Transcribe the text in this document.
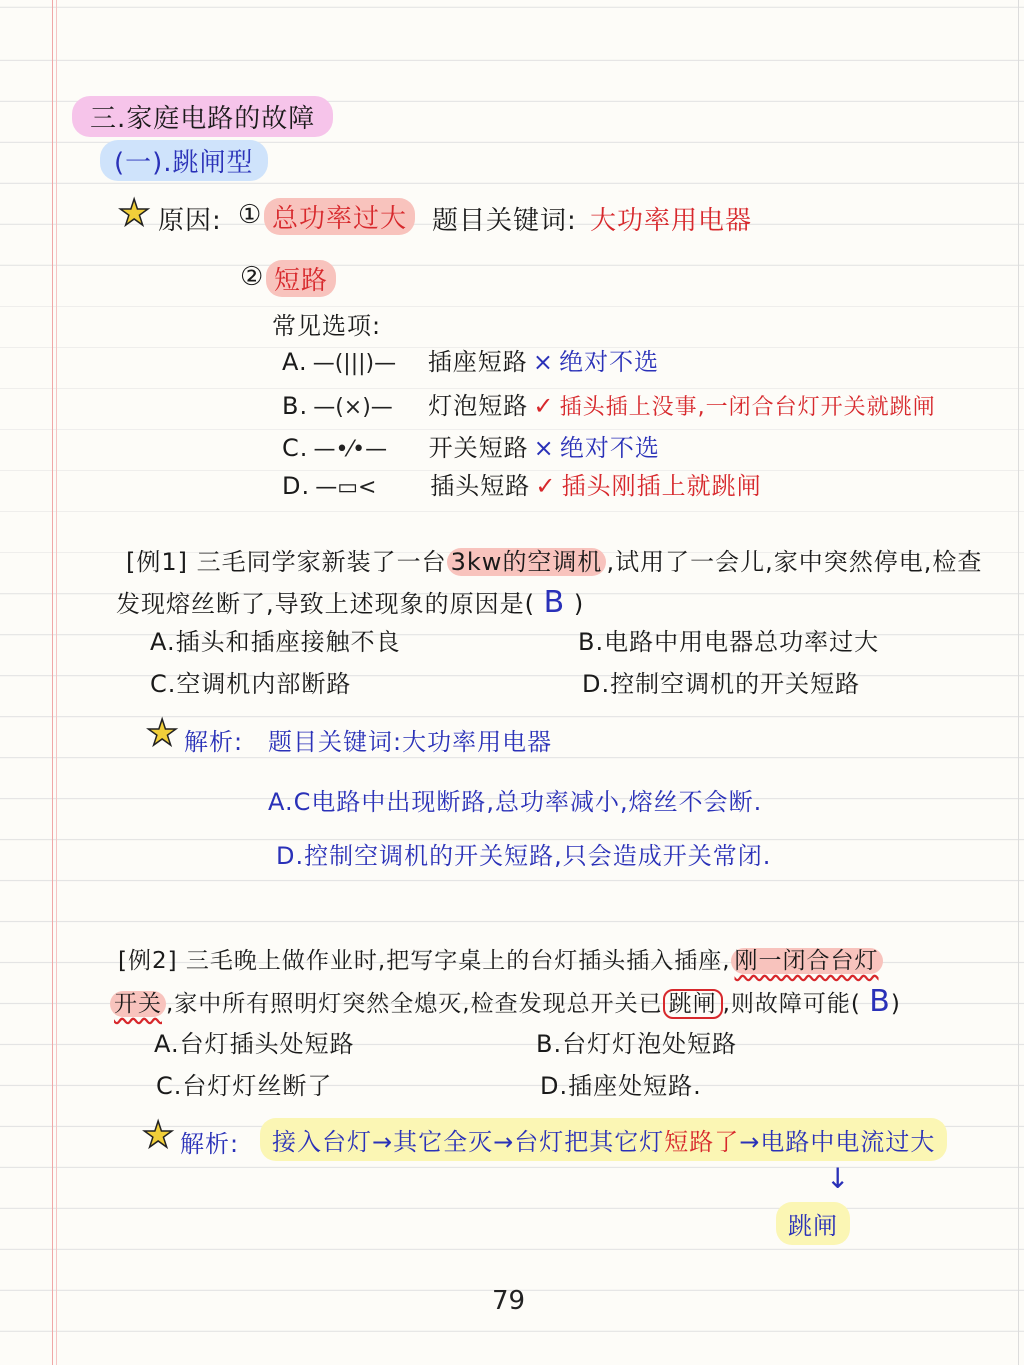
三.家庭电路的故障
(一).跳闸型
★ 原因: ① 总功率过大 题目关键词: 大功率用电器
② 短路
常见选项:
A. —(|||)— 插座短路 × 绝对不选
B. —(×)— 灯泡短路 ✓ 插头插上没事,一闭合台灯开关就跳闸
C. —•⁄•— 开关短路 × 绝对不选
D. —▭< 插头短路 ✓ 插头刚插上就跳闸
[例1] 三毛同学家新装了一台 3kw的空调机 ,试用了一会儿,家中突然停电,检查
发现熔丝断了,导致上述现象的原因是( B )
A.插头和插座接触不良	B.电路中用电器总功率过大
C.空调机内部断路	D.控制空调机的开关短路
★ 解析: 题目关键词:大功率用电器
A.C电路中出现断路,总功率减小,熔丝不会断.
D.控制空调机的开关短路,只会造成开关常闭.
[例2] 三毛晚上做作业时,把写字桌上的台灯插头插入插座, 刚一闭合台灯
开关 ,家中所有照明灯突然全熄灭,检查发现总开关已 跳闸 ,则故障可能( B)
A.台灯插头处短路	B.台灯灯泡处短路
C.台灯灯丝断了	D.插座处短路.
★ 解析:	接入台灯→其它全灭→台灯把其它灯短路了→电路中电流过大
↓
跳闸
79
